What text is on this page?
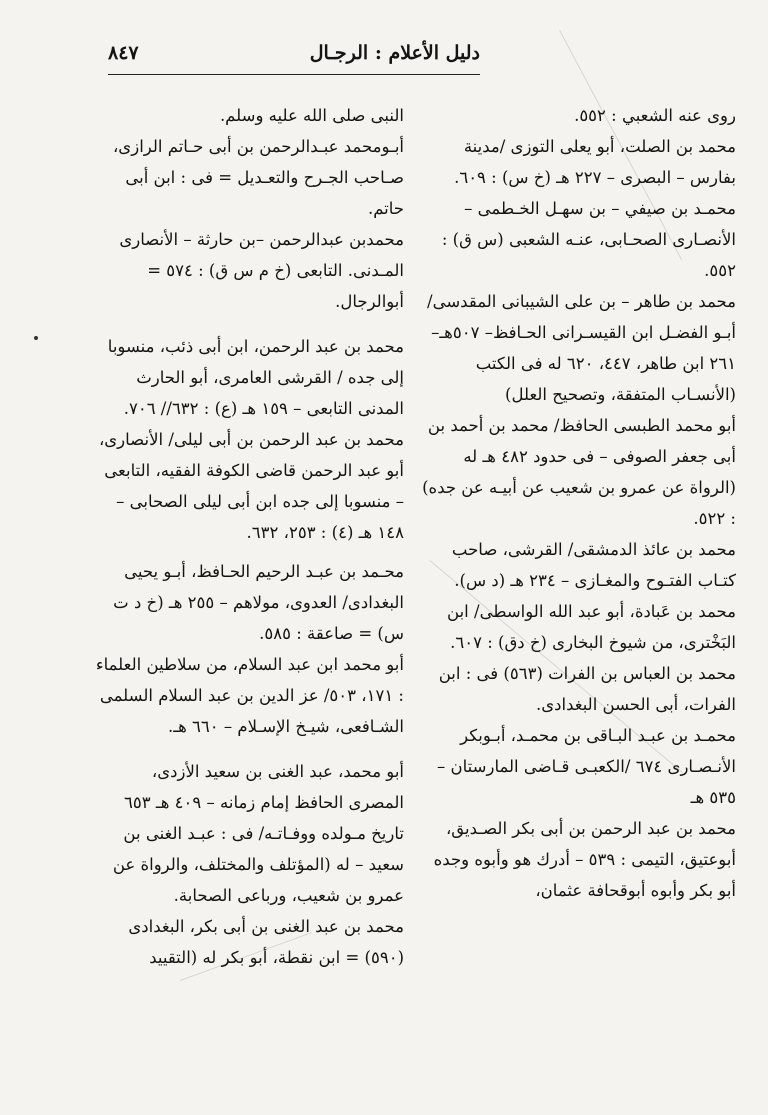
دليل الأعلام : الرجـال
٨٤٧

روى عنه الشعبي : ٥٥٢.

محمد بن الصلت، أبو يعلى التوزى /مدينة بفارس – البصرى – ٢٢٧ هـ (خ س) : ٦٠٩.

محمـد بن صيفي – بن سهـل الخـطمى – الأنصـارى الصحـابى، عنـه الشعبى (س ق) : ٥٥٢.

محمد بن طاهر – بن على الشيبانى المقدسى/ أبـو الفضـل ابن القيسـرانى الحـافظ– ٥٠٧هـ–٢٦١ ابن طاهر، ٤٤٧، ٦٢٠ له فى الكتب (الأنسـاب المتفقة، وتصحيح العلل)

أبو محمد الطبسى الحافظ/ محمد بن أحمد بن أبى جعفر الصوفى – فى حدود ٤٨٢ هـ له (الرواة عن عمرو بن شعيب عن أبيـه عن جده) : ٥٢٢.

محمد بن عائذ الدمشقى/ القرشى، صاحب كتـاب الفتـوح والمغـازى – ٢٣٤ هـ (د س).

محمد بن عَبادة، أبو عبد الله الواسطى/ ابن البَخْترى، من شيوخ البخارى (خ دق) : ٦٠٧.

محمد بن العباس بن الفرات (٥٦٣) فى : ابن الفرات، أبى الحسن البغدادى.

محمـد بن عبـد البـاقى بن محمـد، أبـوبكر الأنـصـارى ٦٧٤ /الكعبـى قـاضى المارستان – ٥٣٥ هـ

محمد بن عبد الرحمن بن أبى بكر الصـديق، أبوعتيق، التيمى : ٥٣٩ – أدرك هو وأبوه وجده أبو بكر وأبوه أبوقحافة عثمان،

النبى صلى الله عليه وسلم.

أبـومحمد عبـدالرحمن بن أبى حـاتم الرازى، صـاحب الجـرح والتعـديل = فى : ابن أبى حاتم.

محمدبن عبدالرحمن –بن حارثة – الأنصارى المـدنى. التابعى (خ م س ق) : ٥٧٤ = أبوالرجال.

محمد بن عبد الرحمن، ابن أبى ذئب، منسوبا إلى جده / القرشى العامرى، أبو الحارث المدنى التابعى – ١٥٩ هـ (ع) : ٦٣٢// ٧٠٦.

محمد بن عبد الرحمن بن أبى ليلى/ الأنصارى، أبو عبد الرحمن قاضى الكوفة الفقيه، التابعى – منسوبا إلى جده ابن أبى ليلى الصحابى – ١٤٨ هـ (٤) : ٢٥٣، ٦٣٢.

محـمد بن عبـد الرحيم الحـافظ، أبـو يحيى البغدادى/ العدوى، مولاهم – ٢٥٥ هـ (خ د ت س) = صاعقة : ٥٨٥.

أبو محمد ابن عبد السلام، من سلاطين العلماء : ١٧١، ٥٠٣/ عز الدين بن عبد السلام السلمى الشـافعى، شيـخ الإسـلام – ٦٦٠ هـ.

أبو محمد، عبد الغنى بن سعيد الأزدى، المصرى الحافظ إمام زمانه – ٤٠٩ هـ ٦٥٣ تاريخ مـولده ووفـاتـه/ فى : عبـد الغنى بن سعيد – له (المؤتلف والمختلف، والرواة عن عمرو بن شعيب، ورباعى الصحابة.

محمد بن عبد الغنى بن أبى بكر، البغدادى (٥٩٠) = ابن نقطة، أبو بكر له (التقييد
